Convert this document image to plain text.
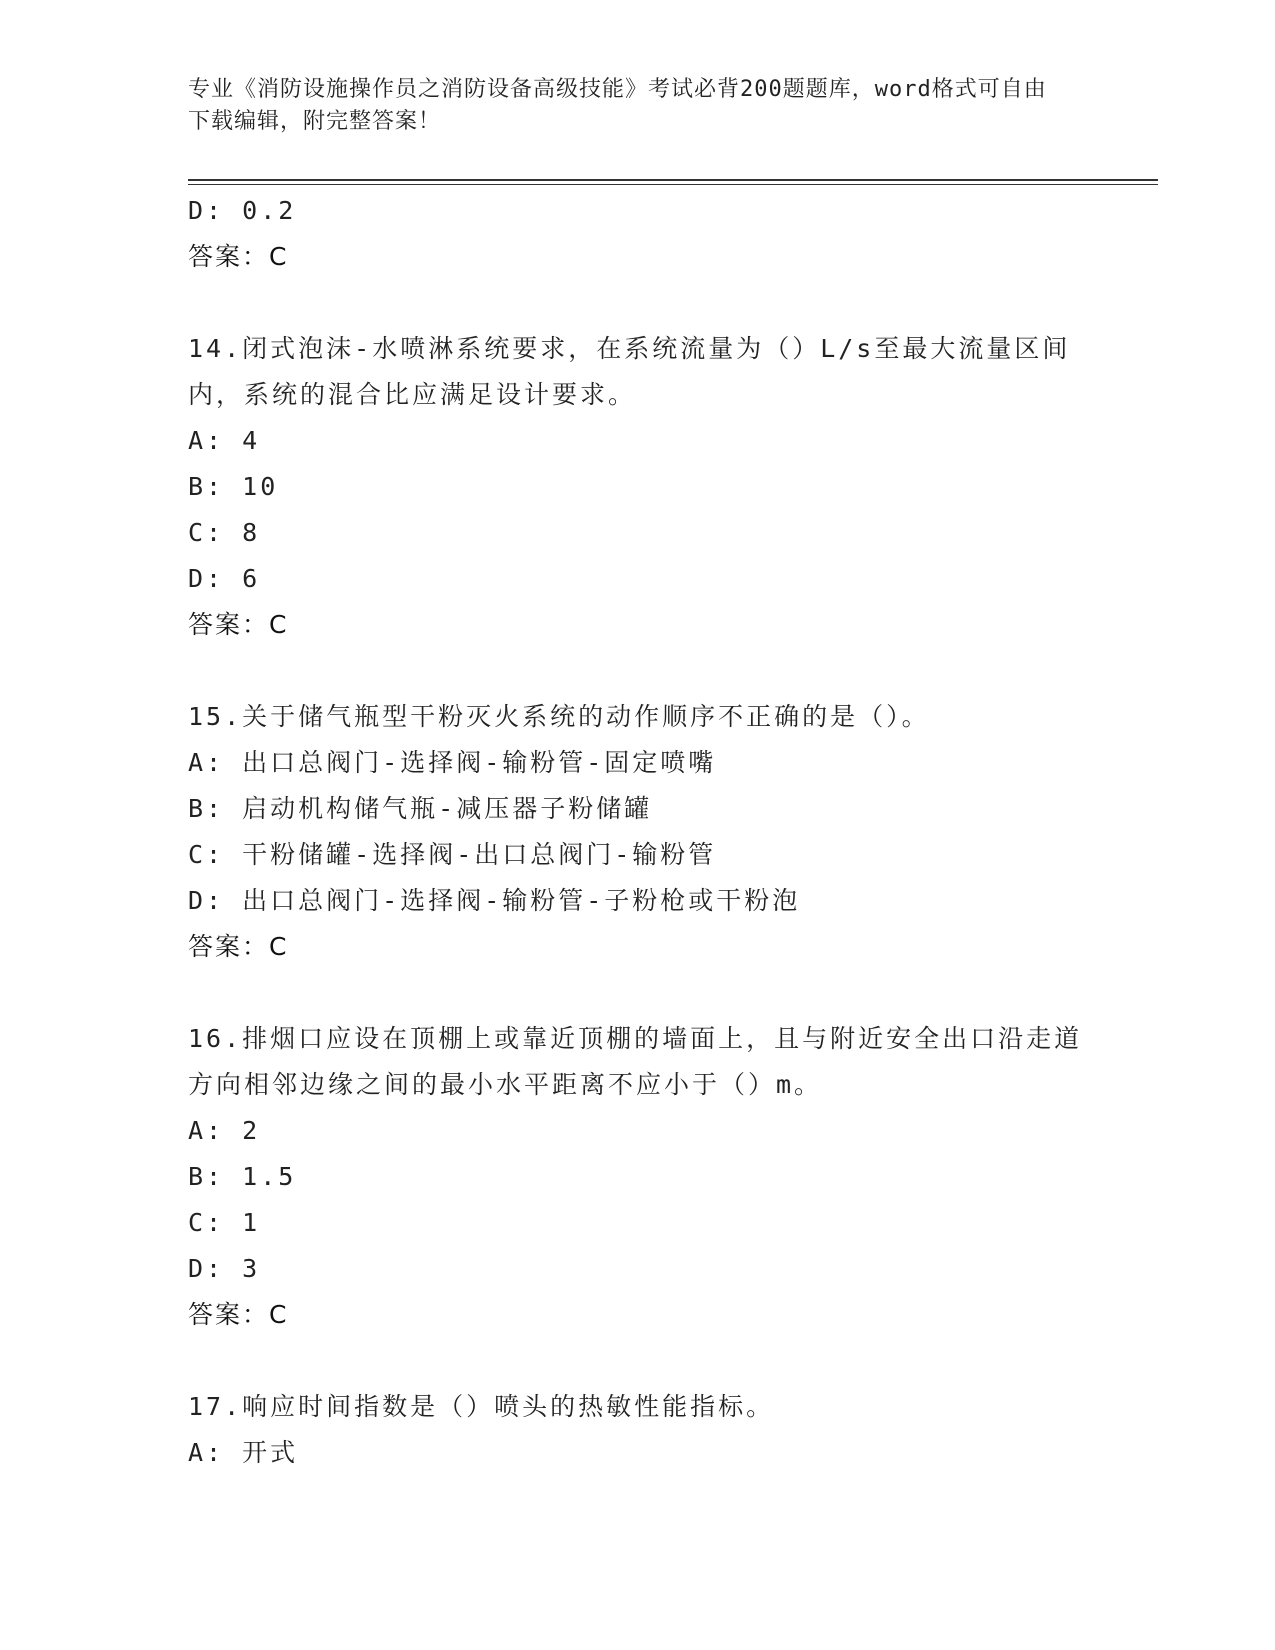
专业《消防设施操作员之消防设备高级技能》考试必背200题题库，word格式可自由下载编辑，附完整答案！
D: 0.2
答案：C
14.闭式泡沫-水喷淋系统要求，在系统流量为（）L/s至最大流量区间内，系统的混合比应满足设计要求。
A: 4
B: 10
C: 8
D: 6
答案：C
15.关于储气瓶型干粉灭火系统的动作顺序不正确的是（）。
A: 出口总阀门-选择阀-输粉管-固定喷嘴
B: 启动机构储气瓶-减压器子粉储罐
C: 干粉储罐-选择阀-出口总阀门-输粉管
D: 出口总阀门-选择阀-输粉管-子粉枪或干粉泡
答案：C
16.排烟口应设在顶棚上或靠近顶棚的墙面上，且与附近安全出口沿走道方向相邻边缘之间的最小水平距离不应小于（）m。
A: 2
B: 1.5
C: 1
D: 3
答案：C
17.响应时间指数是（）喷头的热敏性能指标。
A: 开式
